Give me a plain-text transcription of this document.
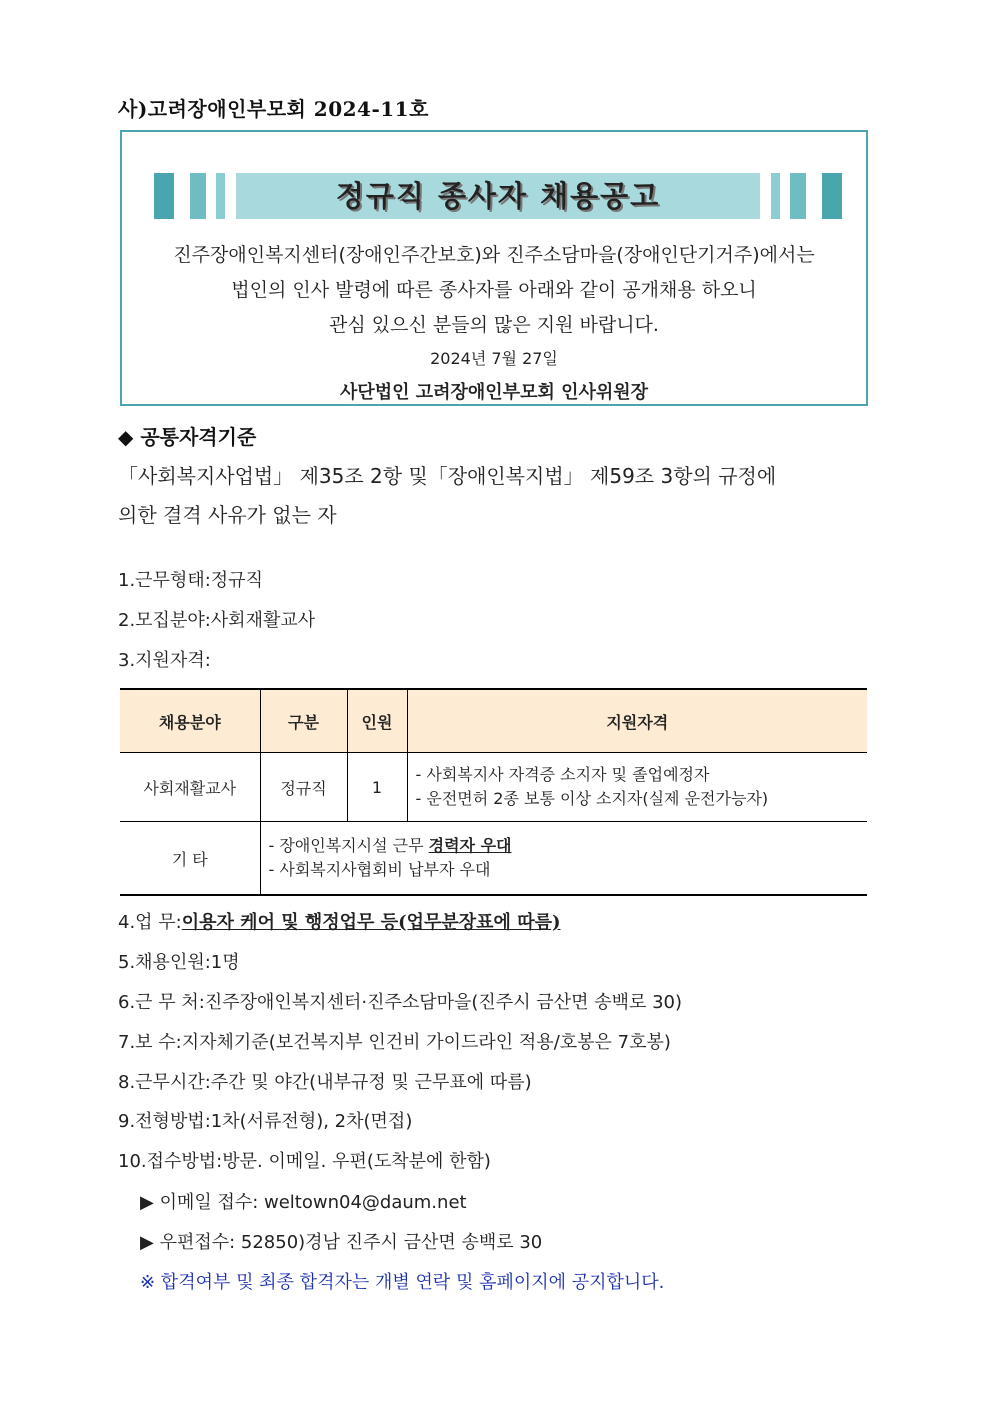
사)고려장애인부모회 2024-11호
정규직 종사자 채용공고
진주장애인복지센터(장애인주간보호)와 진주소담마을(장애인단기거주)에서는
법인의 인사 발령에 따른 종사자를 아래와 같이 공개채용 하오니
관심 있으신 분들의 많은 지원 바랍니다.
2024년 7월 27일
사단법인 고려장애인부모회 인사위원장
◆ 공통자격기준
「사회복지사업법」 제35조 2항 및「장애인복지법」 제59조 3항의 규정에
의한 결격 사유가 없는 자
1.근무형태:정규직
2.모집분야:사회재활교사
3.지원자격:
채용분야	구분	인원	지원자격
사회재활교사	정규직	1	- 사회복지사 자격증 소지자 및 졸업예정자
- 운전면허 2종 보통 이상 소지자(실제 운전가능자)

기 타	- 장애인복지시설 근무 경력자 우대
- 사회복지사협회비 납부자 우대		
4.업 무:이용자 케어 및 행정업무 등(업무분장표에 따름)
5.채용인원:1명
6.근 무 처:진주장애인복지센터·진주소담마을(진주시 금산면 송백로 30)
7.보 수:지자체기준(보건복지부 인건비 가이드라인 적용/호봉은 7호봉)
8.근무시간:주간 및 야간(내부규정 및 근무표에 따름)
9.전형방법:1차(서류전형), 2차(면접)
10.접수방법:방문. 이메일. 우편(도착분에 한함)
▶ 이메일 접수: weltown04@daum.net
▶ 우편접수: 52850)경남 진주시 금산면 송백로 30
※ 합격여부 및 최종 합격자는 개별 연락 및 홈페이지에 공지합니다.
